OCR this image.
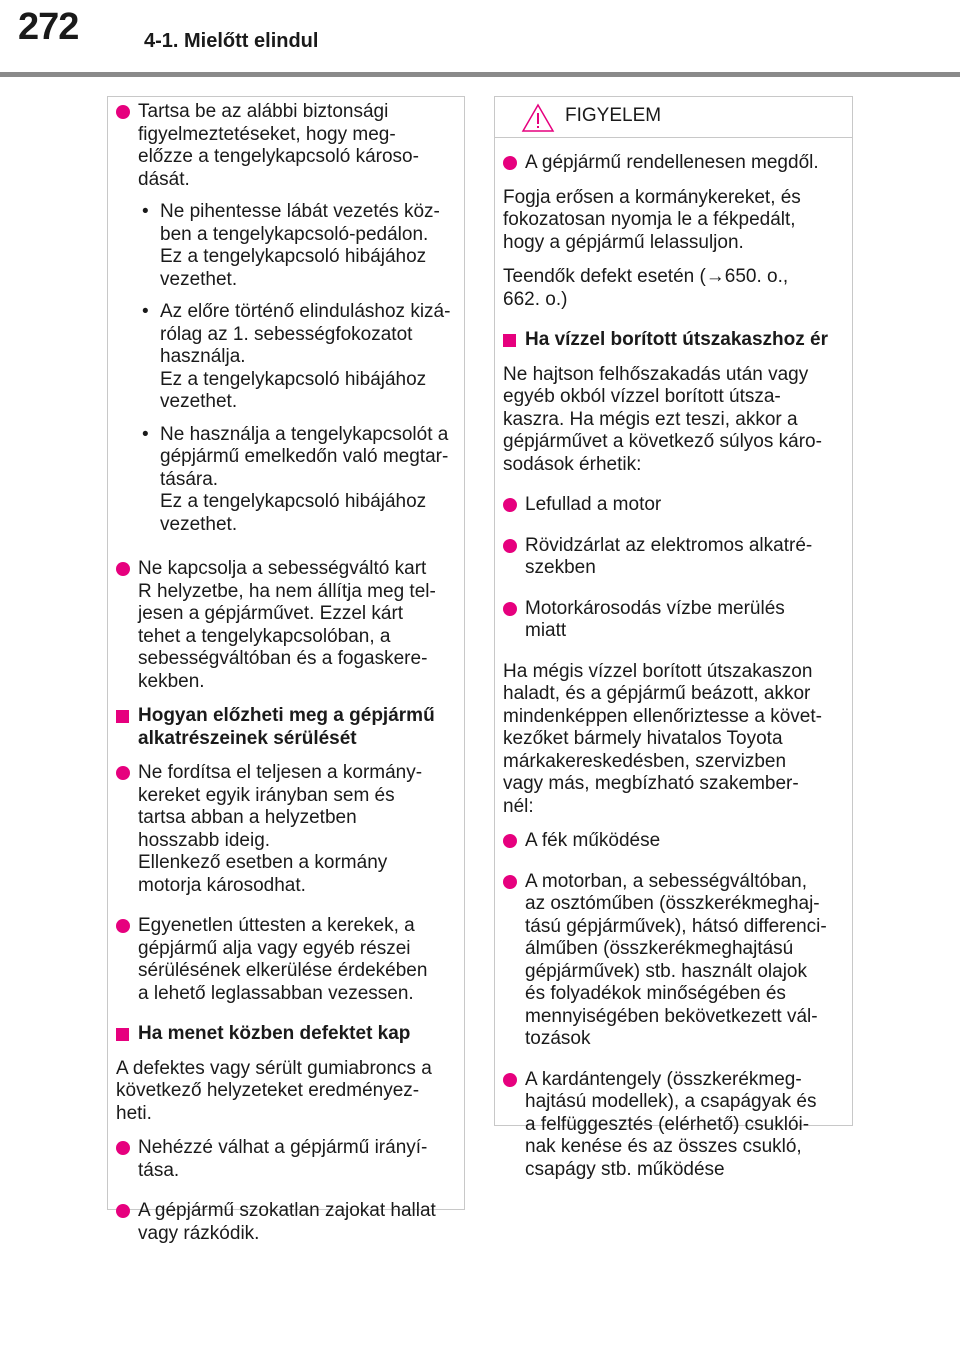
272	4-1. Mielőtt elindul
Tartsa be az alábbi biztonsági
figyelmeztetéseket, hogy meg-
előzze a tengelykapcsoló károso-
dását.
• Ne pihentesse lábát vezetés köz-
ben a tengelykapcsoló-pedálon.
Ez a tengelykapcsoló hibájához
vezethet.
• Az előre történő elinduláshoz kizá-
rólag az 1. sebességfokozatot
használja.
Ez a tengelykapcsoló hibájához
vezethet.
• Ne használja a tengelykapcsolót a
gépjármű emelkedőn való megtar-
tására.
Ez a tengelykapcsoló hibájához
vezethet.
Ne kapcsolja a sebességváltó kart
R helyzetbe, ha nem állítja meg tel-
jesen a gépjárművet. Ezzel kárt
tehet a tengelykapcsolóban, a
sebességváltóban és a fogaskere-
kekben.
Hogyan előzheti meg a gépjármű
alkatrészeinek sérülését
Ne fordítsa el teljesen a kormány-
kereket egyik irányban sem és
tartsa abban a helyzetben
hosszabb ideig.
Ellenkező esetben a kormány
motorja károsodhat.
Egyenetlen úttesten a kerekek, a
gépjármű alja vagy egyéb részei
sérülésének elkerülése érdekében
a lehető leglassabban vezessen.
Ha menet közben defektet kap
A defektes vagy sérült gumiabroncs a
következő helyzeteket eredményez-
heti.
Nehézzé válhat a gépjármű irányí-
tása.
A gépjármű szokatlan zajokat hallat
vagy rázkódik.
FIGYELEM
A gépjármű rendellenesen megdől.
Fogja erősen a kormánykereket, és
fokozatosan nyomja le a fékpedált,
hogy a gépjármű lelassuljon.
Teendők defekt esetén (→650. o.,
662. o.)
Ha vízzel borított útszakaszhoz ér
Ne hajtson felhőszakadás után vagy
egyéb okból vízzel borított útsza-
kaszra. Ha mégis ezt teszi, akkor a
gépjárművet a következő súlyos káro-
sodások érhetik:
Lefullad a motor
Rövidzárlat az elektromos alkatré-
szekben
Motorkárosodás vízbe merülés
miatt
Ha mégis vízzel borított útszakaszon
haladt, és a gépjármű beázott, akkor
mindenképpen ellenőriztesse a követ-
kezőket bármely hivatalos Toyota
márkakereskedésben, szervizben
vagy más, megbízható szakember-
nél:
A fék működése
A motorban, a sebességváltóban,
az osztóműben (összkerékmeghaj-
tású gépjárművek), hátsó differenci-
álműben (összkerékmeghajtású
gépjárművek) stb. használt olajok
és folyadékok minőségében és
mennyiségében bekövetkezett vál-
tozások
A kardántengely (összkerékmeg-
hajtású modellek), a csapágyak és
a felfüggesztés (elérhető) csuklói-
nak kenése és az összes csukló,
csapágy stb. működése
